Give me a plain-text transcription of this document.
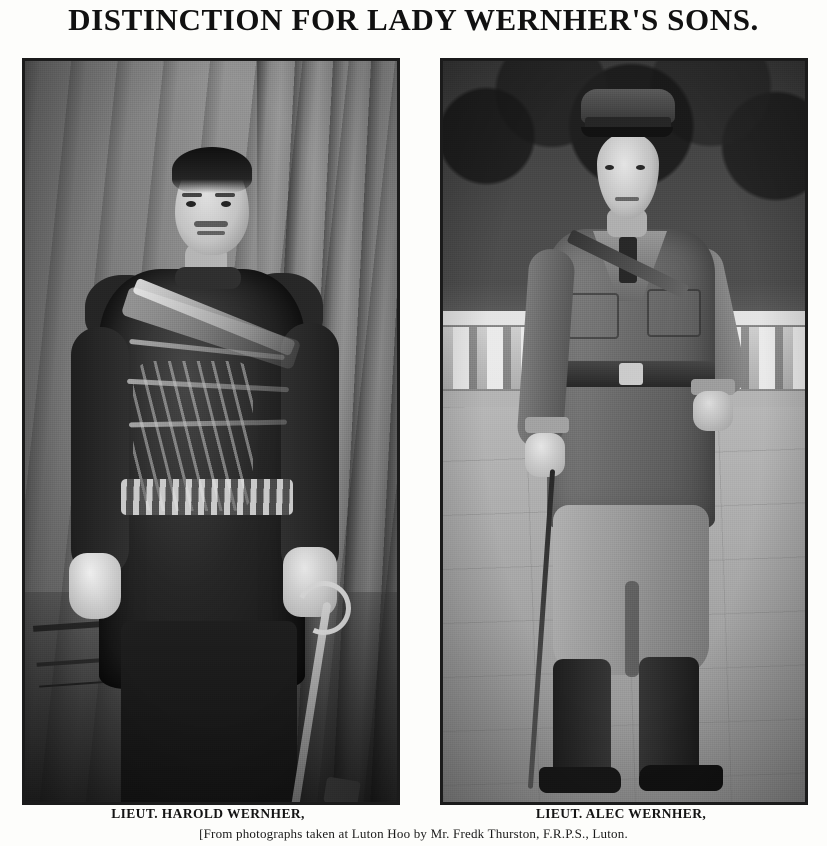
DISTINCTION FOR LADY WERNHER'S SONS.
LIEUT. HAROLD WERNHER,	LIEUT. ALEC WERNHER,
[From photographs taken at Luton Hoo by Mr. Fredk Thurston, F.R.P.S., Luton.
